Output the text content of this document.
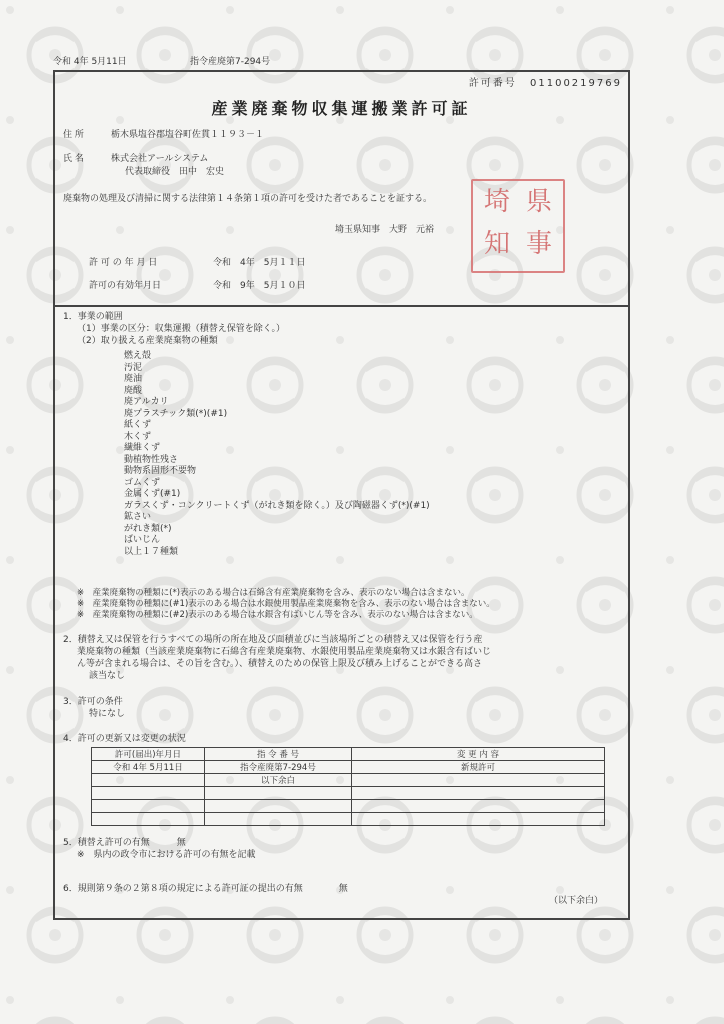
令和 4年 5月11日	指令産廃第7-294号
許可番号 01100219769
産業廃棄物収集運搬業許可証
住 所	栃木県塩谷郡塩谷町佐貫１１９３－１
氏 名	株式会社アールシステム
代表取締役　田中　宏史
廃棄物の処理及び清掃に関する法律第１４条第１項の許可を受けた者であることを証する。
埼玉県知事　大野　元裕
埼 県
知 事
許 可 の 年 月 日	令和　4年　5月１１日
許可の有効年月日	令和　9年　5月１０日
1．事業の範囲
（1）事業の区分：収集運搬（積替え保管を除く。）
（2）取り扱える産業廃棄物の種類
燃え殻
汚泥
廃油
廃酸
廃アルカリ
廃プラスチック類(*)(#1)
紙くず
木くず
繊維くず
動植物性残さ
動物系固形不要物
ゴムくず
金属くず(#1)
ガラスくず・コンクリートくず（がれき類を除く。）及び陶磁器くず(*)(#1)
鉱さい
がれき類(*)
ばいじん
以上１７種類
※　産業廃棄物の種類に(*)表示のある場合は石綿含有産業廃棄物を含み、表示のない場合は含まない。
※　産業廃棄物の種類に(#1)表示のある場合は水銀使用製品産業廃棄物を含み、表示のない場合は含まない。
※　産業廃棄物の種類に(#2)表示のある場合は水銀含有ばいじん等を含み、表示のない場合は含まない。
2．積替え又は保管を行うすべての場所の所在地及び面積並びに当該場所ごとの積替え又は保管を行う産
業廃棄物の種類（当該産業廃棄物に石綿含有産業廃棄物、水銀使用製品産業廃棄物又は水銀含有ばいじ
ん等が含まれる場合は、その旨を含む。）、積替えのための保管上限及び積み上げることができる高さ
該当なし
3．許可の条件
特になし
4．許可の更新又は変更の状況
許可(届出)年月日	指 令 番 号	変 更 内 容
令和 4年 5月11日	指令産廃第7-294号	新規許可
	以下余白	

5．積替え許可の有無　　　無
※　県内の政令市における許可の有無を記載
6．規則第９条の２第８項の規定による許可証の提出の有無　　　　無
（以下余白）
